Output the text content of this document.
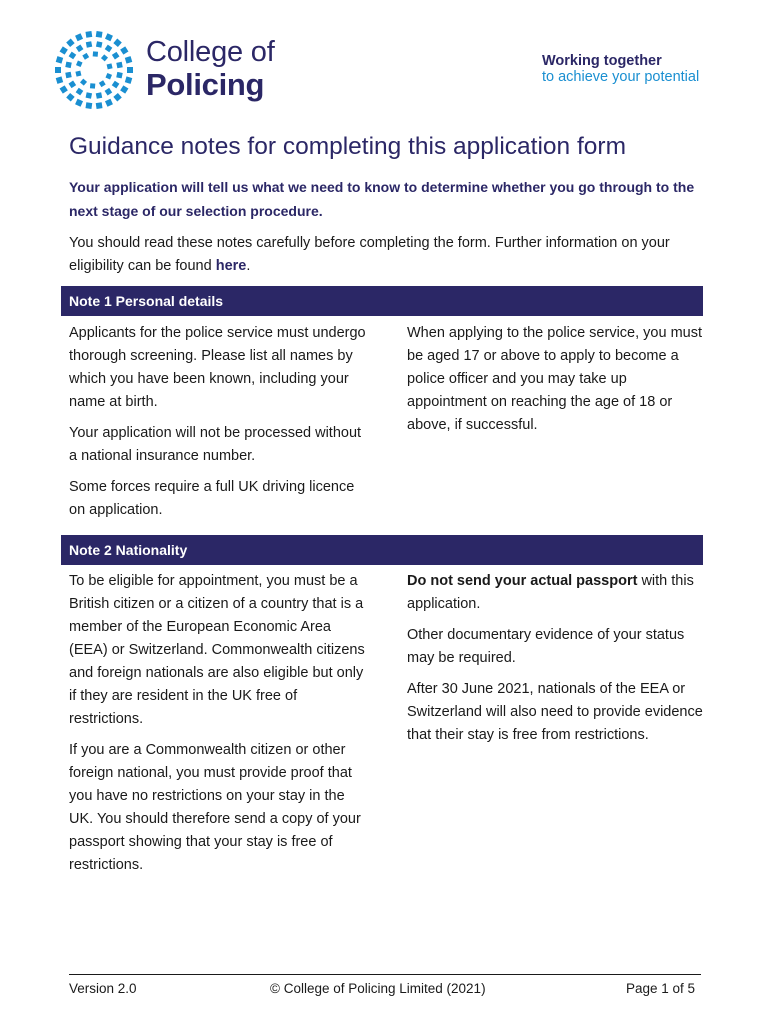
College of
Policing
Working together
to achieve your potential
Guidance notes for completing this application form

Your application will tell us what we need to know to determine whether you go through to the next stage of our selection procedure.

You should read these notes carefully before completing the form. Further information on your eligibility can be found here.

Note 1 Personal details

Applicants for the police service must undergo thorough screening. Please list all names by which you have been known, including your name at birth.

Your application will not be processed without a national insurance number.

Some forces require a full UK driving licence on application.

When applying to the police service, you must be aged 17 or above to apply to become a police officer and you may take up appointment on reaching the age of 18 or above, if successful.

Note 2 Nationality

To be eligible for appointment, you must be a British citizen or a citizen of a country that is a member of the European Economic Area (EEA) or Switzerland. Commonwealth citizens and foreign nationals are also eligible but only if they are resident in the UK free of restrictions.

If you are a Commonwealth citizen or other foreign national, you must provide proof that you have no restrictions on your stay in the UK. You should therefore send a copy of your passport showing that your stay is free of restrictions.

Do not send your actual passport with this application.

Other documentary evidence of your status may be required.

After 30 June 2021, nationals of the EEA or Switzerland will also need to provide evidence that their stay is free from restrictions.

Version 2.0	© College of Policing Limited (2021)	Page 1 of 5
